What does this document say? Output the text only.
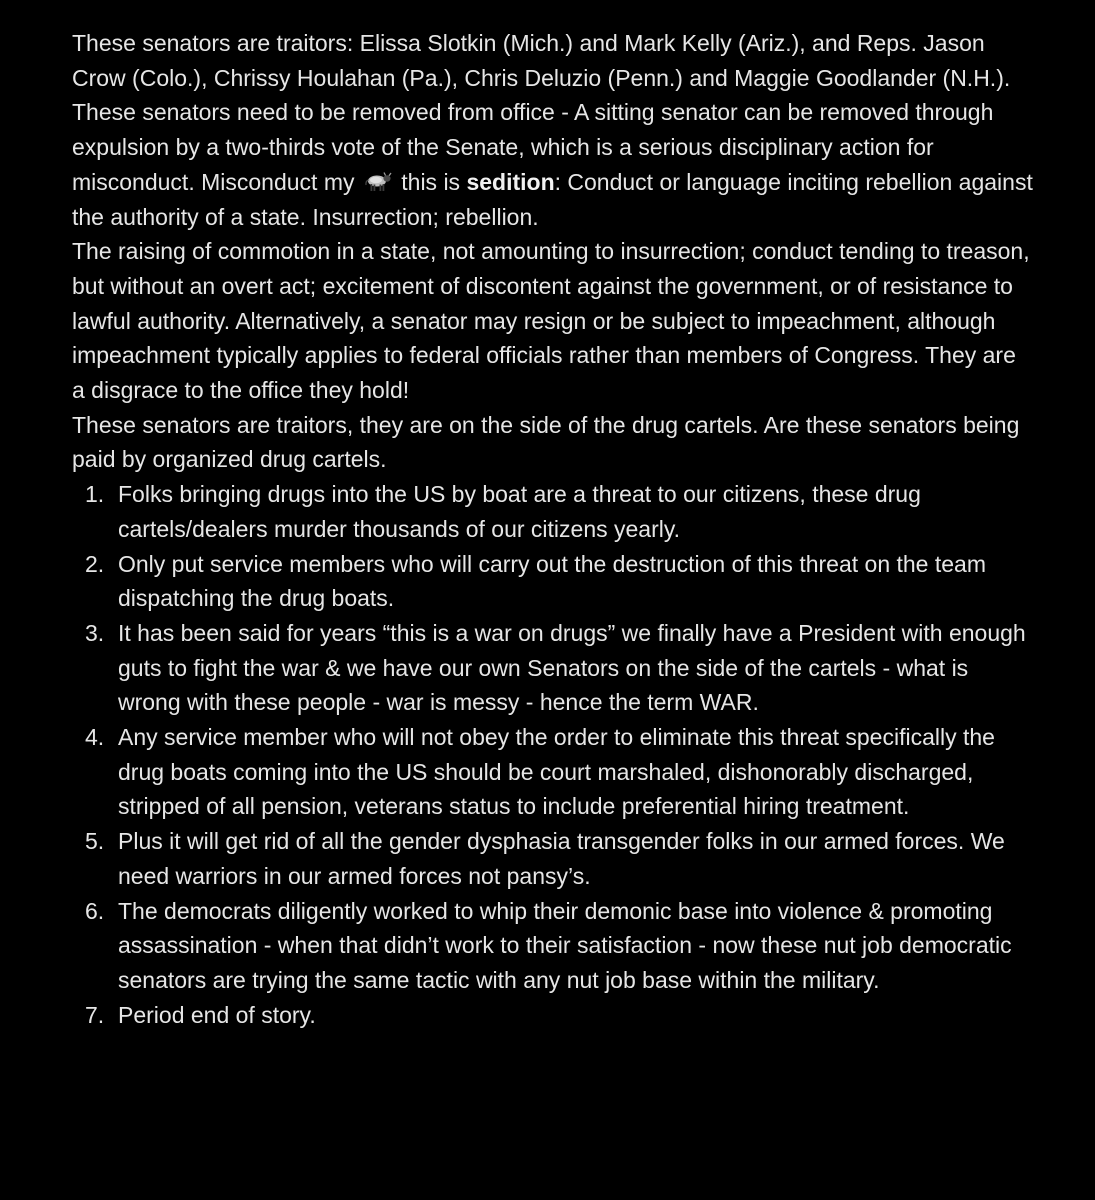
These senators are traitors: Elissa Slotkin (Mich.) and Mark Kelly (Ariz.), and Reps. Jason Crow (Colo.), Chrissy Houlahan (Pa.), Chris Deluzio (Penn.) and Maggie Goodlander (N.H.).

These senators need to be removed from office - A sitting senator can be removed through expulsion by a two-thirds vote of the Senate, which is a serious disciplinary action for misconduct. Misconduct my  this is sedition: Conduct or language inciting rebellion against the authority of a state. Insurrection; rebellion.

The raising of commotion in a state, not amounting to insurrection; conduct tending to treason, but without an overt act; excitement of discontent against the government, or of resistance to lawful authority. Alternatively, a senator may resign or be subject to impeachment, although impeachment typically applies to federal officials rather than members of Congress. They are a disgrace to the office they hold!

These senators are traitors, they are on the side of the drug cartels. Are these senators being paid by organized drug cartels.

1. Folks bringing drugs into the US by boat are a threat to our citizens, these drug cartels/dealers murder thousands of our citizens yearly.
2. Only put service members who will carry out the destruction of this threat on the team dispatching the drug boats.
3. It has been said for years “this is a war on drugs” we finally have a President with enough guts to fight the war & we have our own Senators on the side of the cartels - what is wrong with these people - war is messy - hence the term WAR.
4. Any service member who will not obey the order to eliminate this threat specifically the drug boats coming into the US should be court marshaled, dishonorably discharged, stripped of all pension, veterans status to include preferential hiring treatment.
5. Plus it will get rid of all the gender dysphasia transgender folks in our armed forces. We need warriors in our armed forces not pansy’s.
6. The democrats diligently worked to whip their demonic base into violence & promoting assassination - when that didn’t work to their satisfaction - now these nut job democratic senators are trying the same tactic with any nut job base within the military.
7. Period end of story.
